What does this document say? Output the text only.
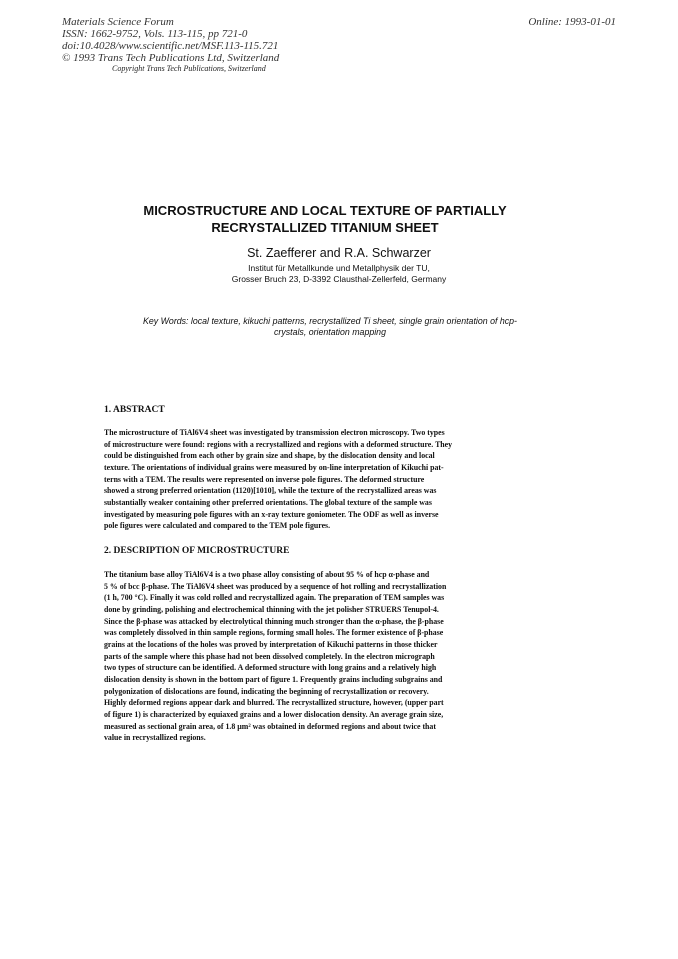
Materials Science Forum
ISSN: 1662-9752, Vols. 113-115, pp 721-0
doi:10.4028/www.scientific.net/MSF.113-115.721
© 1993 Trans Tech Publications Ltd, Switzerland
Online: 1993-01-01
Copyright Trans Tech Publications, Switzerland
MICROSTRUCTURE AND LOCAL TEXTURE OF PARTIALLY
RECRYSTALLIZED TITANIUM SHEET
St. Zaefferer and R.A. Schwarzer
Institut für Metallkunde und Metallphysik der TU,
Grosser Bruch 23, D-3392 Clausthal-Zellerfeld, Germany
Key Words: local texture, kikuchi patterns, recrystallized Ti sheet, single grain orientation of hcp-
crystals, orientation mapping
1. ABSTRACT
The microstructure of TiAl6V4 sheet was investigated by transmission electron microscopy. Two types
of microstructure were found: regions with a recrystallized and regions with a deformed structure. They
could be distinguished from each other by grain size and shape, by the dislocation density and local
texture. The orientations of individual grains were measured by on-line interpretation of Kikuchi pat-
terns with a TEM. The results were represented on inverse pole figures. The deformed structure
showed a strong preferred orientation (1120)[1010], while the texture of the recrystallized areas was
substantially weaker containing other preferred orientations. The global texture of the sample was
investigated by measuring pole figures with an x-ray texture goniometer. The ODF as well as inverse
pole figures were calculated and compared to the TEM pole figures.
2. DESCRIPTION OF MICROSTRUCTURE
The titanium base alloy TiAl6V4 is a two phase alloy consisting of about 95 % of hcp α-phase and
5 % of bcc β-phase. The TiAl6V4 sheet was produced by a sequence of hot rolling and recrystallization
(1 h, 700 °C). Finally it was cold rolled and recrystallized again. The preparation of TEM samples was
done by grinding, polishing and electrochemical thinning with the jet polisher STRUERS Tenupol-4.
Since the β-phase was attacked by electrolytical thinning much stronger than the α-phase, the β-phase
was completely dissolved in thin sample regions, forming small holes. The former existence of β-phase
grains at the locations of the holes was proved by interpretation of Kikuchi patterns in those thicker
parts of the sample where this phase had not been dissolved completely. In the electron micrograph
two types of structure can be identified. A deformed structure with long grains and a relatively high
dislocation density is shown in the bottom part of figure 1. Frequently grains including subgrains and
polygonization of dislocations are found, indicating the beginning of recrystallization or recovery.
Highly deformed regions appear dark and blurred. The recrystallized structure, however, (upper part
of figure 1) is characterized by equiaxed grains and a lower dislocation density. An average grain size,
measured as sectional grain area, of 1.8 µm² was obtained in deformed regions and about twice that
value in recrystallized regions.
